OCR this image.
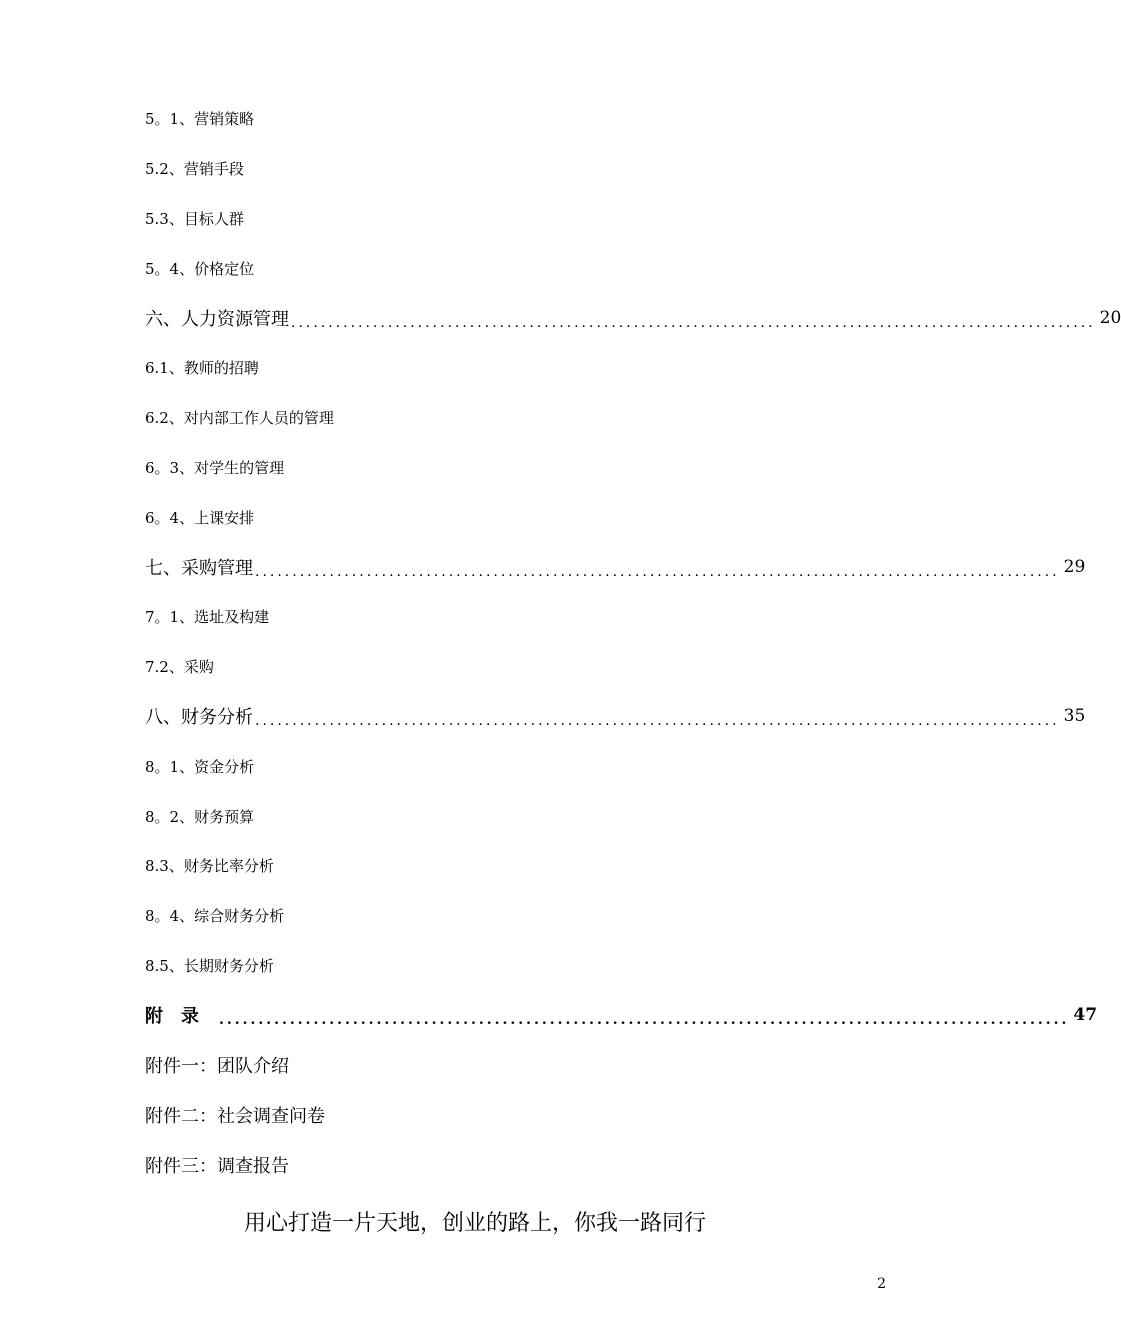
5。1、营销策略
5.2、营销手段
5.3、目标人群
5。4、价格定位
六、人力资源管理 ............................................................................................................ 20
6.1、教师的招聘
6.2、对内部工作人员的管理
6。3、对学生的管理
6。4、上课安排
七、采购管理 ............................................................................................................ 29
7。1、选址及构建
7.2、采购
八、财务分析 ............................................................................................................ 35
8。1、资金分析
8。2、财务预算
8.3、财务比率分析
8。4、综合财务分析
8.5、长期财务分析
附录 ............................................................................................................ 47
附件一：团队介绍
附件二：社会调查问卷
附件三：调查报告
用心打造一片天地，创业的路上，你我一路同行
2
